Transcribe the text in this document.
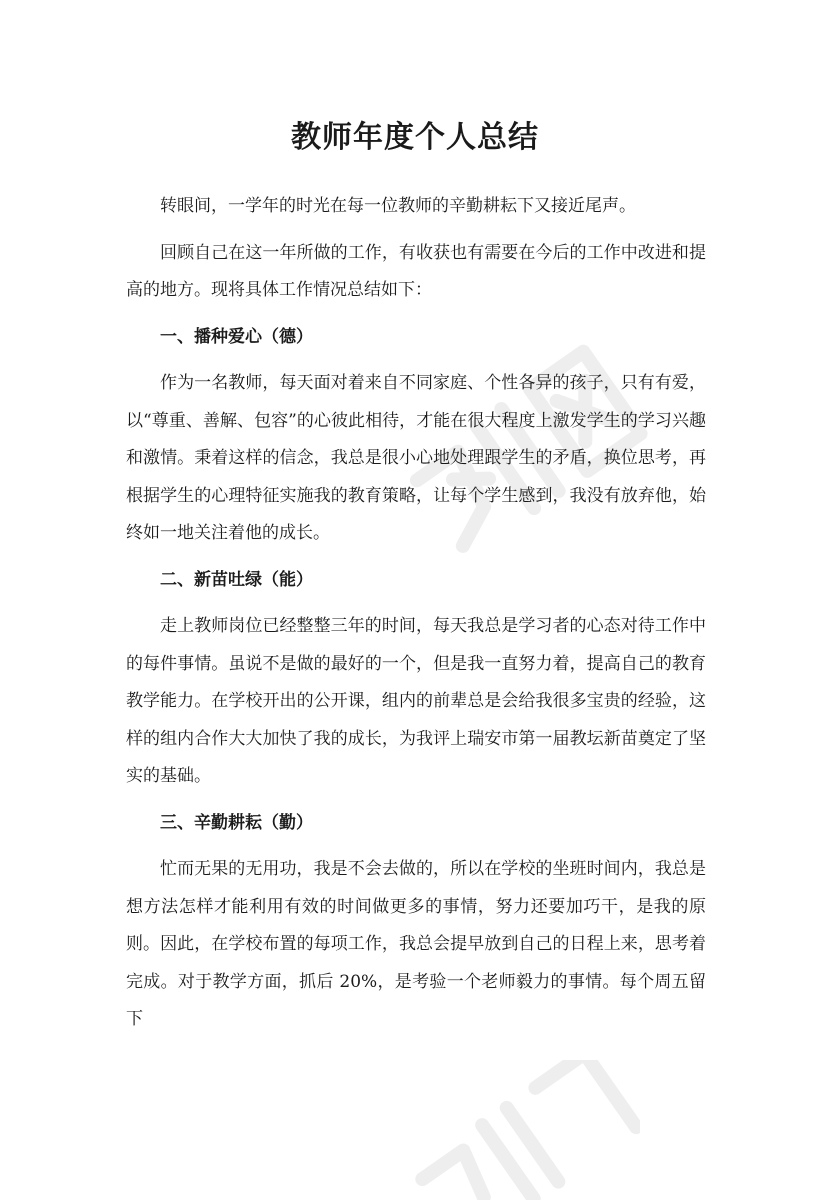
教师年度个人总结

转眼间，一学年的时光在每一位教师的辛勤耕耘下又接近尾声。

回顾自己在这一年所做的工作，有收获也有需要在今后的工作中改进和提高的地方。现将具体工作情况总结如下：

一、播种爱心（德）

作为一名教师，每天面对着来自不同家庭、个性各异的孩子，只有有爱，以“尊重、善解、包容”的心彼此相待，才能在很大程度上激发学生的学习兴趣和激情。秉着这样的信念，我总是很小心地处理跟学生的矛盾，换位思考，再根据学生的心理特征实施我的教育策略，让每个学生感到，我没有放弃他，始终如一地关注着他的成长。

二、新苗吐绿（能）

走上教师岗位已经整整三年的时间，每天我总是学习者的心态对待工作中的每件事情。虽说不是做的最好的一个，但是我一直努力着，提高自己的教育教学能力。在学校开出的公开课，组内的前辈总是会给我很多宝贵的经验，这样的组内合作大大加快了我的成长，为我评上瑞安市第一届教坛新苗奠定了坚实的基础。

三、辛勤耕耘（勤）

忙而无果的无用功，我是不会去做的，所以在学校的坐班时间内，我总是想方法怎样才能利用有效的时间做更多的事情，努力还要加巧干，是我的原则。因此，在学校布置的每项工作，我总会提早放到自己的日程上来，思考着完成。对于教学方面，抓后 20%，是考验一个老师毅力的事情。每个周五留下
